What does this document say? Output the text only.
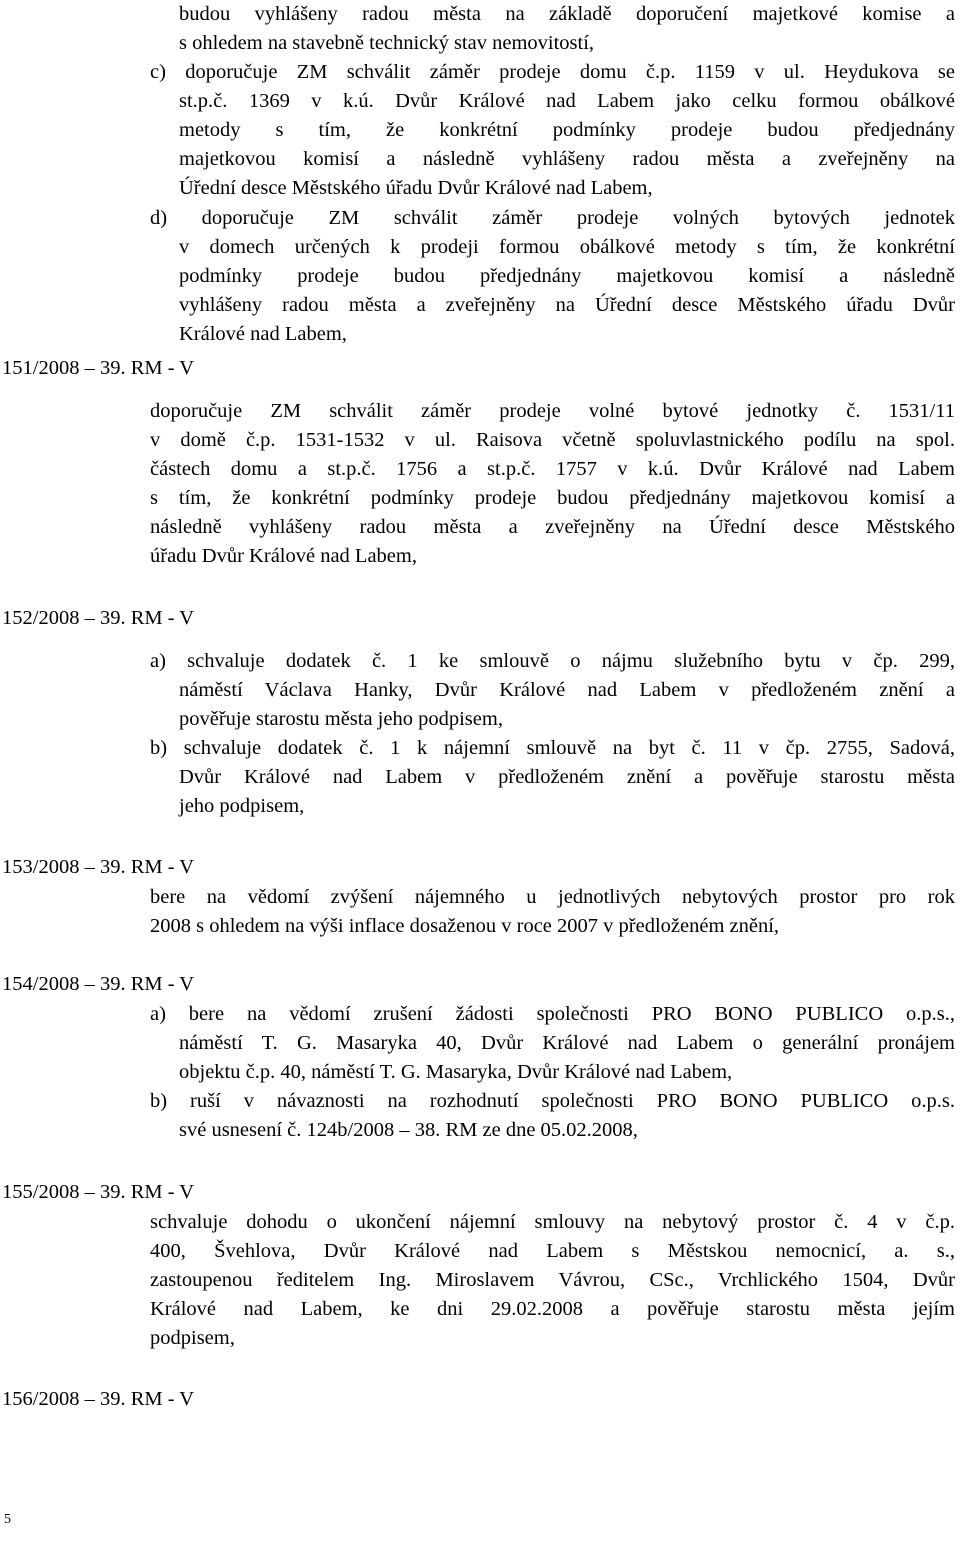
budou vyhlášeny radou města na základě doporučení majetkové komise a
s ohledem na stavebně technický stav nemovitostí,
c) doporučuje ZM schválit záměr prodeje domu č.p. 1159 v ul. Heydukova se
st.p.č. 1369 v k.ú. Dvůr Králové nad Labem jako celku formou obálkové
metody s tím, že konkrétní podmínky prodeje budou předjednány
majetkovou komisí a následně vyhlášeny radou města a zveřejněny na
Úřední desce Městského úřadu Dvůr Králové nad Labem,
d) doporučuje ZM schválit záměr prodeje volných bytových jednotek
v domech určených k prodeji formou obálkové metody s tím, že konkrétní
podmínky prodeje budou předjednány majetkovou komisí a následně
vyhlášeny radou města a zveřejněny na Úřední desce Městského úřadu Dvůr
Králové nad Labem,
151/2008 – 39. RM - V
doporučuje ZM schválit záměr prodeje volné bytové jednotky č. 1531/11
v domě č.p. 1531-1532 v ul. Raisova včetně spoluvlastnického podílu na spol.
částech domu a st.p.č. 1756 a st.p.č. 1757 v k.ú. Dvůr Králové nad Labem
s tím, že konkrétní podmínky prodeje budou předjednány majetkovou komisí a
následně vyhlášeny radou města a zveřejněny na Úřední desce Městského
úřadu Dvůr Králové nad Labem,
152/2008 – 39. RM - V
a) schvaluje dodatek č. 1 ke smlouvě o nájmu služebního bytu v čp. 299,
náměstí Václava Hanky, Dvůr Králové nad Labem v předloženém znění a
pověřuje starostu města jeho podpisem,
b) schvaluje dodatek č. 1 k nájemní smlouvě na byt č. 11 v čp. 2755, Sadová,
Dvůr Králové nad Labem v předloženém znění a pověřuje starostu města
jeho podpisem,
153/2008 – 39. RM - V
bere na vědomí zvýšení nájemného u jednotlivých nebytových prostor pro rok
2008 s ohledem na výši inflace dosaženou v roce 2007 v předloženém znění,
154/2008 – 39. RM - V
a) bere na vědomí zrušení žádosti společnosti PRO BONO PUBLICO o.p.s.,
náměstí T. G. Masaryka 40, Dvůr Králové nad Labem o generální pronájem
objektu č.p. 40, náměstí T. G. Masaryka, Dvůr Králové nad Labem,
b) ruší v návaznosti na rozhodnutí společnosti PRO BONO PUBLICO o.p.s.
své usnesení č. 124b/2008 – 38. RM ze dne 05.02.2008,
155/2008 – 39. RM - V
schvaluje dohodu o ukončení nájemní smlouvy na nebytový prostor č. 4 v č.p.
400, Švehlova, Dvůr Králové nad Labem s Městskou nemocnicí, a. s.,
zastoupenou ředitelem Ing. Miroslavem Vávrou, CSc., Vrchlického 1504, Dvůr
Králové nad Labem, ke dni 29.02.2008 a pověřuje starostu města jejím
podpisem,
156/2008 – 39. RM - V
5
